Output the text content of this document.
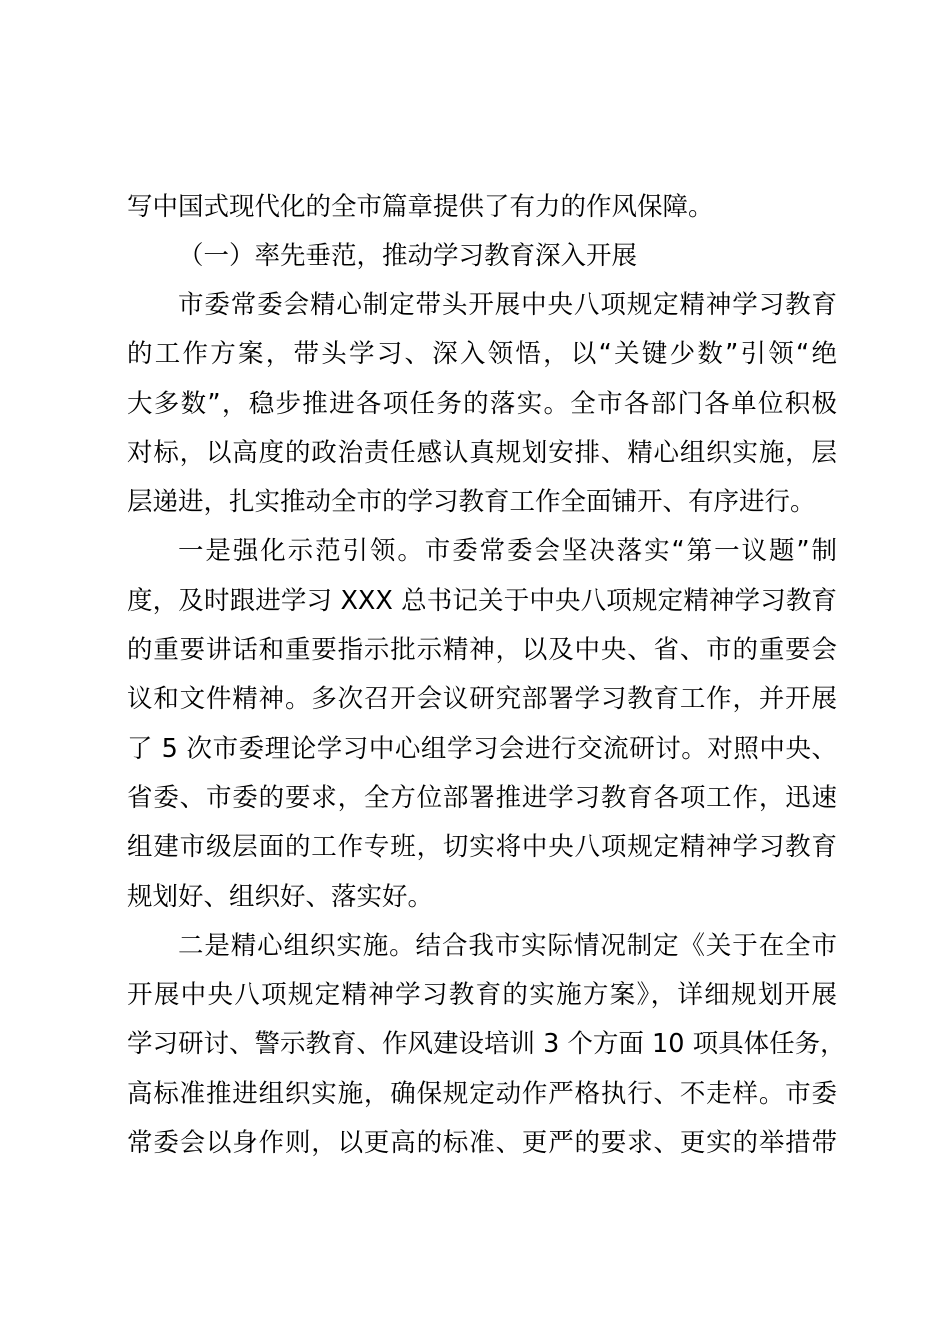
写中国式现代化的全市篇章提供了有力的作风保障。
（一）率先垂范，推动学习教育深入开展
市委常委会精心制定带头开展中央八项规定精神学习教育
的工作方案，带头学习、深入领悟，以“关键少数”引领“绝
大多数”，稳步推进各项任务的落实。全市各部门各单位积极
对标，以高度的政治责任感认真规划安排、精心组织实施，层
层递进，扎实推动全市的学习教育工作全面铺开、有序进行。
一是强化示范引领。市委常委会坚决落实“第一议题”制
度，及时跟进学习 XXX 总书记关于中央八项规定精神学习教育
的重要讲话和重要指示批示精神，以及中央、省、市的重要会
议和文件精神。多次召开会议研究部署学习教育工作，并开展
了 5 次市委理论学习中心组学习会进行交流研讨。对照中央、
省委、市委的要求，全方位部署推进学习教育各项工作，迅速
组建市级层面的工作专班，切实将中央八项规定精神学习教育
规划好、组织好、落实好。
二是精心组织实施。结合我市实际情况制定《关于在全市
开展中央八项规定精神学习教育的实施方案》，详细规划开展
学习研讨、警示教育、作风建设培训 3 个方面 10 项具体任务，
高标准推进组织实施，确保规定动作严格执行、不走样。市委
常委会以身作则，以更高的标准、更严的要求、更实的举措带
